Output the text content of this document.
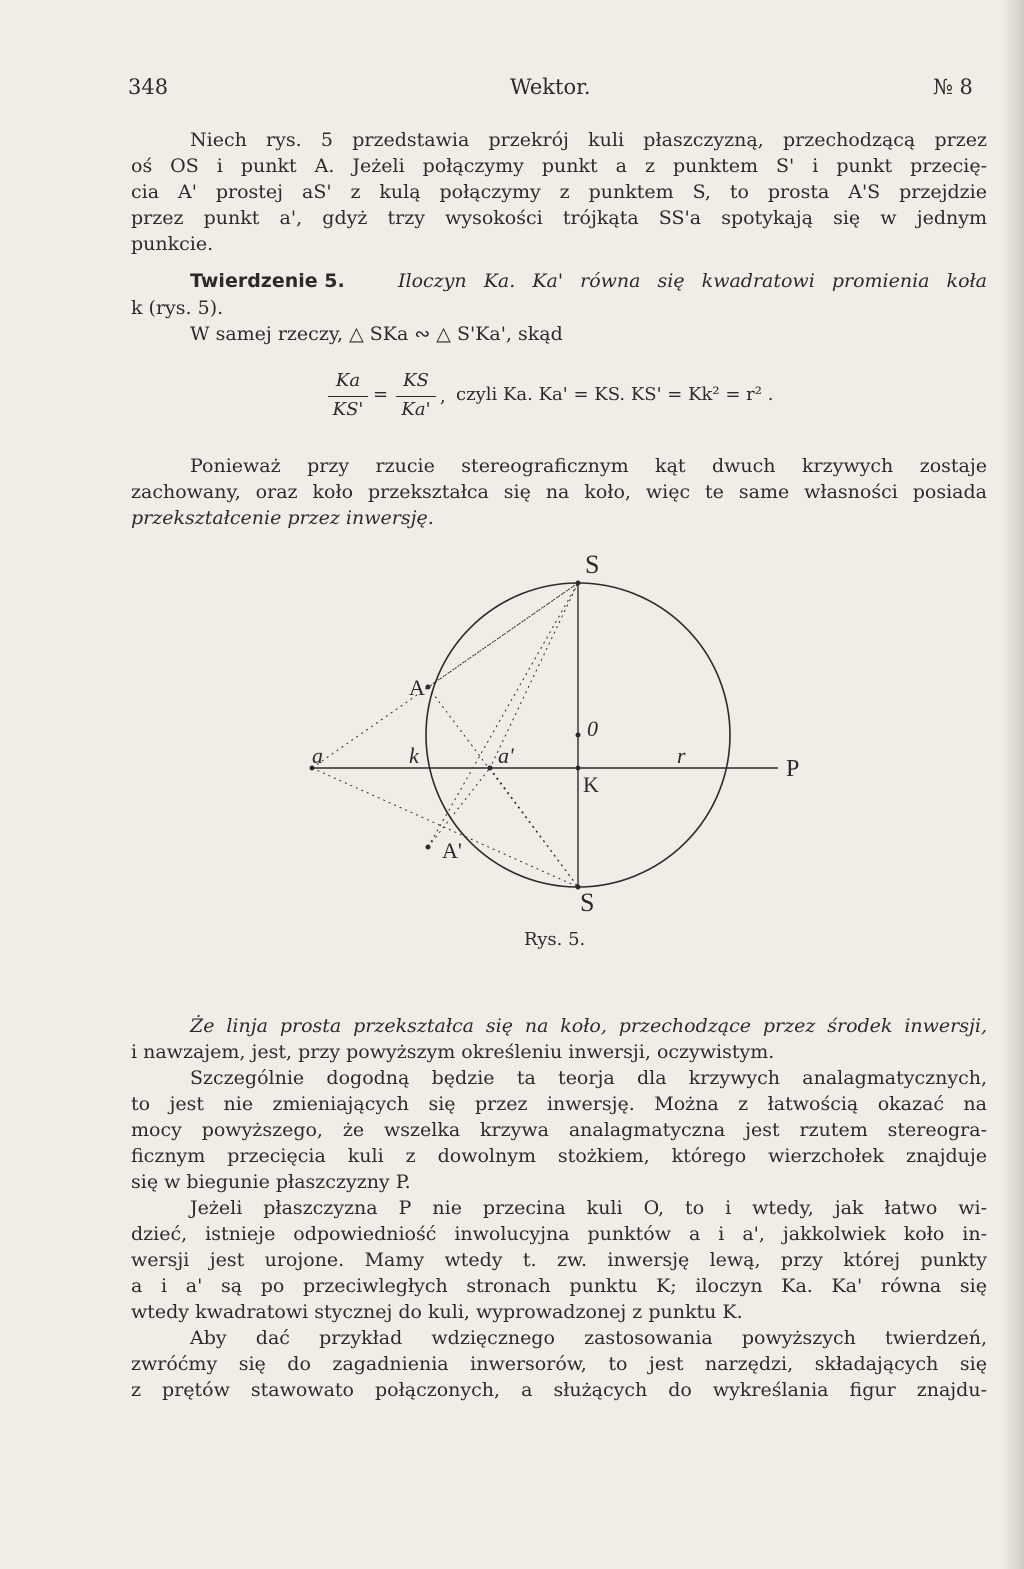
348	Wektor.	№ 8
Niech rys. 5 przedstawia przekrój kuli płaszczyzną, przechodzącą przez
oś OS i punkt A. Jeżeli połączymy punkt a z punktem S' i punkt przecię-
cia A' prostej aS' z kulą połączymy z punktem S, to prosta A'S przejdzie
przez punkt a', gdyż trzy wysokości trójkąta SS'a spotykają się w jednym
punkcie.
Twierdzenie 5.	Iloczyn Ka. Ka' równa się kwadratowi promienia koła
k (rys. 5).
W samej rzeczy, △ SKa ∾ △ S'Ka', skąd
Ka
KS'
=
KS
Ka'
, czyli Ka. Ka' = KS. KS' = Kk² = r² .
Ponieważ przy rzucie stereograficznym kąt dwuch krzywych zostaje
zachowany, oraz koło przekształca się na koło, więc te same własności posiada
przekształcenie przez inwersję.
S
A
0
a	k	a'	r
P
K
A'
S
Rys. 5.
Że linja prosta przekształca się na koło, przechodzące przez środek inwersji,
i nawzajem, jest, przy powyższym określeniu inwersji, oczywistym.
Szczególnie dogodną będzie ta teorja dla krzywych analagmatycznych,
to jest nie zmieniających się przez inwersję. Można z łatwością okazać na
mocy powyższego, że wszelka krzywa analagmatyczna jest rzutem stereogra-
ficznym przecięcia kuli z dowolnym stożkiem, którego wierzchołek znajduje
się w biegunie płaszczyzny P.
Jeżeli płaszczyzna P nie przecina kuli O, to i wtedy, jak łatwo wi-
dzieć, istnieje odpowiedniość inwolucyjna punktów a i a', jakkolwiek koło in-
wersji jest urojone. Mamy wtedy t. zw. inwersję lewą, przy której punkty
a i a' są po przeciwległych stronach punktu K; iloczyn Ka. Ka' równa się
wtedy kwadratowi stycznej do kuli, wyprowadzonej z punktu K.
Aby dać przykład wdzięcznego zastosowania powyższych twierdzeń,
zwróćmy się do zagadnienia inwersorów, to jest narzędzi, składających się
z prętów stawowato połączonych, a służących do wykreślania figur znajdu-
